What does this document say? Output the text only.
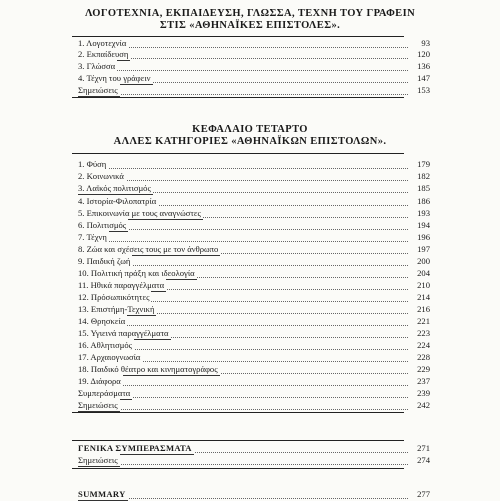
ΛΟΓΟΤΕΧΝΙΑ, ΕΚΠΑΙΔΕΥΣΗ, ΓΛΩΣΣΑ, ΤΕΧΝΗ ΤΟΥ ΓΡΑΦΕΙΝ
ΣΤΙΣ «ΑΘΗΝΑΪΚΕΣ ΕΠΙΣΤΟΛΕΣ».
1. Λογοτεχνία	93
2. Εκπαίδευση	120
3. Γλώσσα	136
4. Τέχνη του γράφειν	147
Σημειώσεις	153
ΚΕΦΑΛΑΙΟ ΤΕΤΑΡΤΟ
ΑΛΛΕΣ ΚΑΤΗΓΟΡΙΕΣ «ΑΘΗΝΑΪΚΩΝ ΕΠΙΣΤΟΛΩΝ».
1. Φύση	179
2. Κοινωνικά	182
3. Λαϊκός πολιτισμός	185
4. Ιστορία-Φιλοπατρία	186
5. Επικοινωνία με τους αναγνώστες	193
6. Πολιτισμός	194
7. Τέχνη	196
8. Ζώα και σχέσεις τους με τον άνθρωπο	197
9. Παιδική ζωή	200
10. Πολιτική πράξη και ιδεολογία	204
11. Ηθικά παραγγέλματα	210
12. Πρόσωπικότητες	214
13. Επιστήμη-Τεχνική	216
14. Θρησκεία	221
15. Υγιεινά παραγγέλματα	223
16. Αθλητισμός	224
17. Αρχαιογνωσία	228
18. Παιδικό θέατρο και κινηματογράφος	229
19. Διάφορα	237
Συμπεράσματα	239
Σημειώσεις	242
ΓΕΝΙΚΑ ΣΥΜΠΕΡΑΣΜΑΤΑ	271
Σημειώσεις	274
SUMMARY	277
